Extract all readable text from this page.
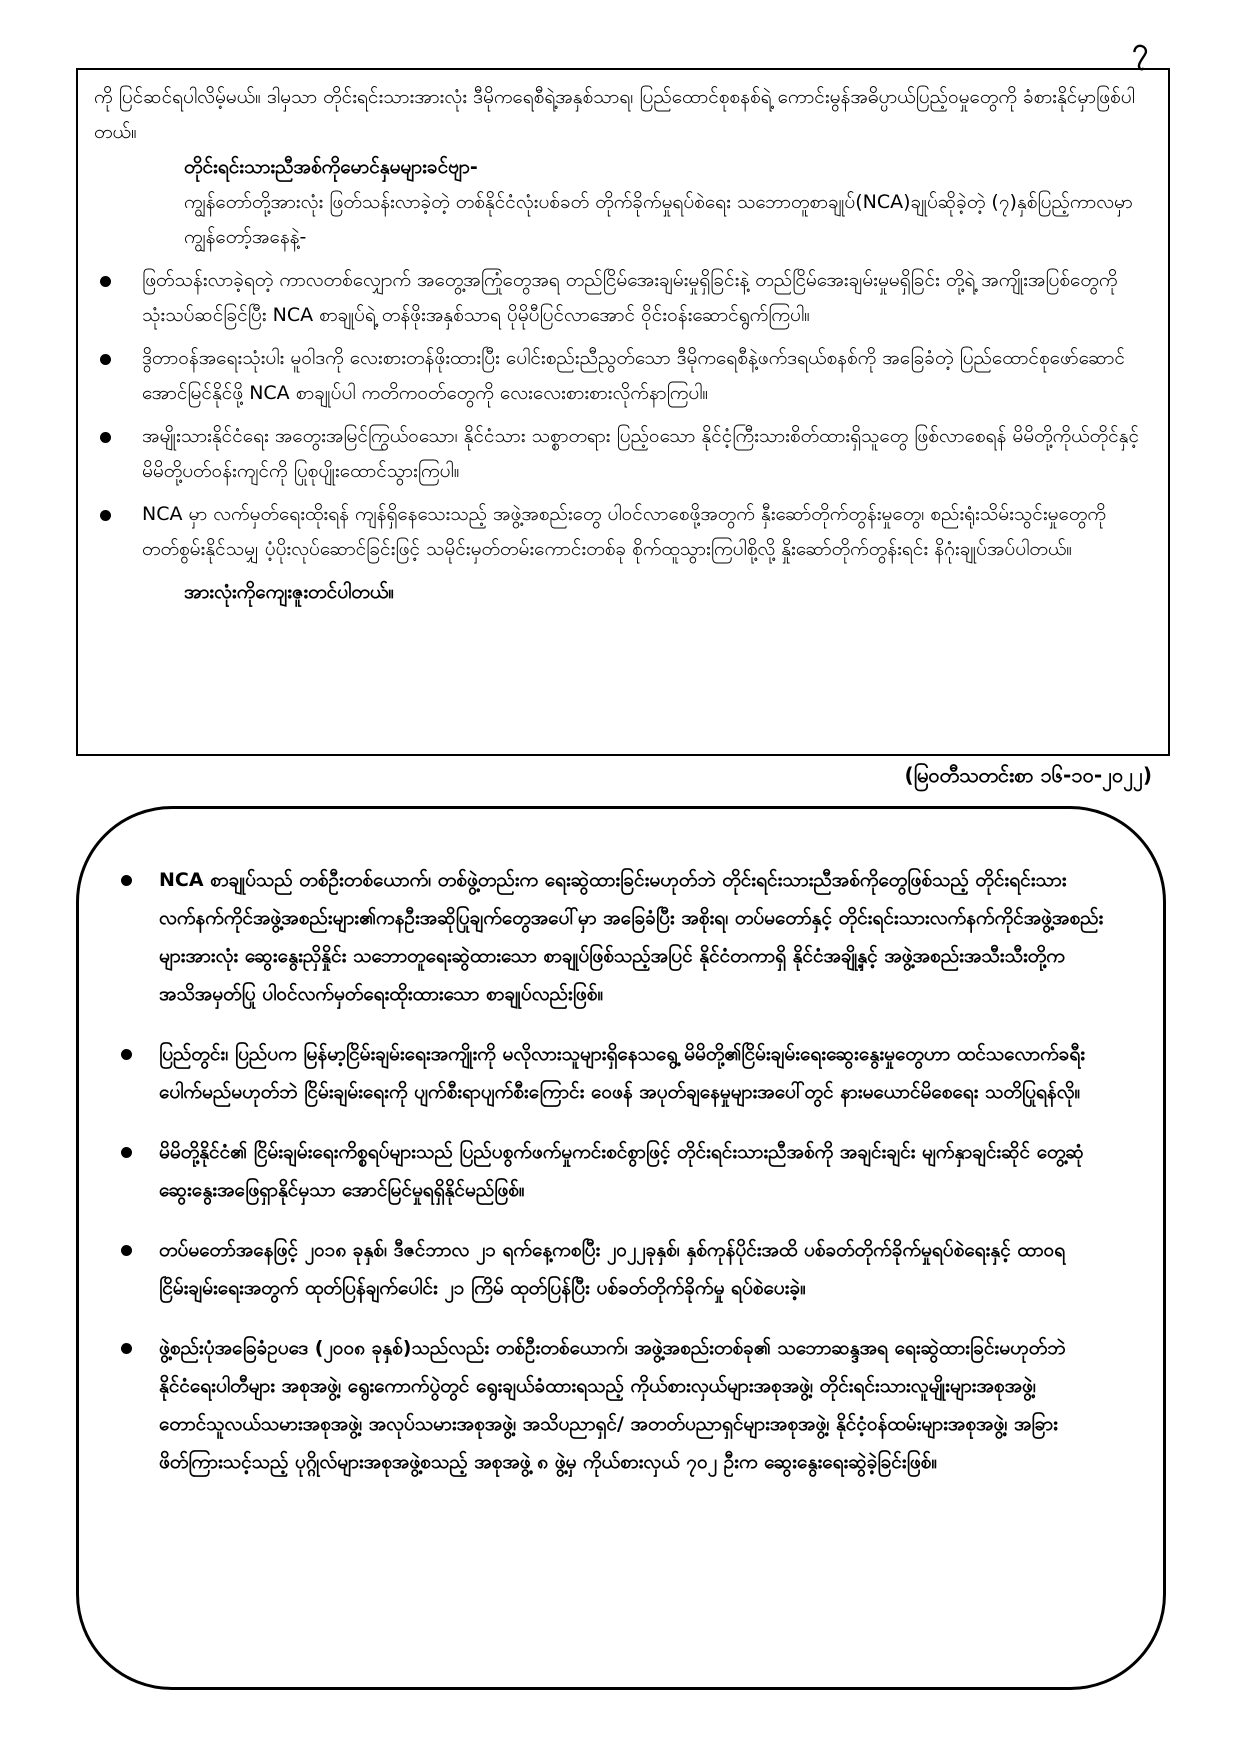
၇

ကို ပြင်ဆင်ရပါလိမ့်မယ်။ ဒါမှသာ တိုင်းရင်းသားအားလုံး ဒီမိုကရေစီရဲ့အနှစ်သာရ၊ ပြည်ထောင်စုစနစ်ရဲ့ ကောင်းမွန်အဓိပ္ပာယ်ပြည့်ဝမှုတွေကို ခံစားနိုင်မှာဖြစ်ပါတယ်။

တိုင်းရင်းသားညီအစ်ကိုမောင်နှမများခင်ဗျာ-

ကျွန်တော်တို့အားလုံး ဖြတ်သန်းလာခဲ့တဲ့ တစ်နိုင်ငံလုံးပစ်ခတ် တိုက်ခိုက်မှုရပ်စဲရေး သဘောတူစာချုပ်(NCA)ချုပ်ဆိုခဲ့တဲ့ (၇)နှစ်ပြည့်ကာလမှာ ကျွန်တော့်အနေနဲ့-

ဖြတ်သန်းလာခဲ့ရတဲ့ ကာလတစ်လျှောက် အတွေ့အကြုံတွေအရ တည်ငြိမ်အေးချမ်းမှုရှိခြင်းနဲ့ တည်ငြိမ်အေးချမ်းမှုမရှိခြင်း တို့ရဲ့ အကျိုးအပြစ်တွေကို သုံးသပ်ဆင်ခြင်ပြီး NCA စာချုပ်ရဲ့ တန်ဖိုးအနှစ်သာရ ပိုမိုပီပြင်လာအောင် ဝိုင်းဝန်းဆောင်ရွက်ကြပါ။
ဒွိတာဝန်အရေးသုံးပါး မူဝါဒကို လေးစားတန်ဖိုးထားပြီး ပေါင်းစည်းညီညွတ်သော ဒီမိုကရေစီနဲ့ဖက်ဒရယ်စနစ်ကို အခြေခံတဲ့ ပြည်ထောင်စုဖော်ဆောင် အောင်မြင်နိုင်ဖို့ NCA စာချုပ်ပါ ကတိကဝတ်တွေကို လေးလေးစားစားလိုက်နာကြပါ။
အမျိုးသားနိုင်ငံရေး အတွေးအမြင်ကြွယ်ဝသော၊ နိုင်ငံသား သစ္စာတရား ပြည့်ဝသော နိုင်ငံ့ကြီးသားစိတ်ထားရှိသူတွေ ဖြစ်လာစေရန် မိမိတို့ကိုယ်တိုင်နှင့် မိမိတို့ပတ်ဝန်းကျင်ကို ပြုစုပျိုးထောင်သွားကြပါ။
NCA မှာ လက်မှတ်ရေးထိုးရန် ကျန်ရှိနေသေးသည့် အဖွဲ့အစည်းတွေ ပါဝင်လာစေဖို့အတွက် နှီးဆော်တိုက်တွန်းမှုတွေ၊ စည်းရုံးသိမ်းသွင်းမှုတွေကို တတ်စွမ်းနိုင်သမျှ ပံ့ပိုးလုပ်ဆောင်ခြင်းဖြင့် သမိုင်းမှတ်တမ်းကောင်းတစ်ခု စိုက်ထူသွားကြပါစို့လို့ နှိုးဆော်တိုက်တွန်းရင်း နိဂုံးချုပ်အပ်ပါတယ်။

အားလုံးကိုကျေးဇူးတင်ပါတယ်။

(မြဝတီသတင်းစာ ၁၆-၁၀-၂၀၂၂)
NCA စာချုပ်သည် တစ်ဦးတစ်ယောက်၊ တစ်ဖွဲ့တည်းက ရေးဆွဲထားခြင်းမဟုတ်ဘဲ တိုင်းရင်းသားညီအစ်ကိုတွေဖြစ်သည့် တိုင်းရင်းသားလက်နက်ကိုင်အဖွဲ့အစည်းများ၏ကနဦးအဆိုပြုချက်တွေအပေါ်မှာ အခြေခံပြီး အစိုးရ၊ တပ်မတော်နှင့် တိုင်းရင်းသားလက်နက်ကိုင်အဖွဲ့အစည်းများအားလုံး ဆွေးနွေးညှိနှိုင်း သဘောတူရေးဆွဲထားသော စာချုပ်ဖြစ်သည့်အပြင် နိုင်ငံတကာရှိ နိုင်ငံအချို့နှင့် အဖွဲ့အစည်းအသီးသီးတို့က အသိအမှတ်ပြု ပါဝင်လက်မှတ်ရေးထိုးထားသော စာချုပ်လည်းဖြစ်။
ပြည်တွင်း၊ ပြည်ပက မြန်မာ့ငြိမ်းချမ်းရေးအကျိုးကို မလိုလားသူများရှိနေသရွေ့ မိမိတို့၏ငြိမ်းချမ်းရေးဆွေးနွေးမှုတွေဟာ ထင်သလောက်ခရီးပေါက်မည်မဟုတ်ဘဲ ငြိမ်းချမ်းရေးကို ပျက်စီးရာပျက်စီးကြောင်း ဝေဖန် အပုတ်ချနေမှုများအပေါ်တွင် နားမယောင်မိစေရေး သတိပြုရန်လို။
မိမိတို့နိုင်ငံ၏ ငြိမ်းချမ်းရေးကိစ္စရပ်များသည် ပြည်ပစွက်ဖက်မှုကင်းစင်စွာဖြင့် တိုင်းရင်းသားညီအစ်ကို အချင်းချင်း မျက်နှာချင်းဆိုင် တွေ့ဆုံဆွေးနွေးအဖြေရှာနိုင်မှသာ အောင်မြင်မှုရရှိနိုင်မည်ဖြစ်။
တပ်မတော်အနေဖြင့် ၂၀၁၈ ခုနှစ်၊ ဒီဇင်ဘာလ ၂၁ ရက်နေ့ကစပြီး ၂၀၂၂ခုနှစ်၊ နှစ်ကုန်ပိုင်းအထိ ပစ်ခတ်တိုက်ခိုက်မှုရပ်စဲရေးနှင့် ထာဝရငြိမ်းချမ်းရေးအတွက် ထုတ်ပြန်ချက်ပေါင်း ၂၁ ကြိမ် ထုတ်ပြန်ပြီး ပစ်ခတ်တိုက်ခိုက်မှု ရပ်စဲပေးခဲ့။
ဖွဲ့စည်းပုံအခြေခံဥပဒေ (၂၀၀၈ ခုနှစ်)သည်လည်း တစ်ဦးတစ်ယောက်၊ အဖွဲ့အစည်းတစ်ခု၏ သဘောဆန္ဒအရ ရေးဆွဲထားခြင်းမဟုတ်ဘဲ နိုင်ငံရေးပါတီများ အစုအဖွဲ့၊ ရွေးကောက်ပွဲတွင် ရွေးချယ်ခံထားရသည့် ကိုယ်စားလှယ်များအစုအဖွဲ့၊ တိုင်းရင်းသားလူမျိုးများအစုအဖွဲ့၊ တောင်သူလယ်သမားအစုအဖွဲ့၊ အလုပ်သမားအစုအဖွဲ့၊ အသိပညာရှင်/ အတတ်ပညာရှင်များအစုအဖွဲ့၊ နိုင်ငံ့ဝန်ထမ်းများအစုအဖွဲ့၊ အခြားဖိတ်ကြားသင့်သည့် ပုဂ္ဂိုလ်များအစုအဖွဲ့စသည့် အစုအဖွဲ့ ၈ ဖွဲ့မှ ကိုယ်စားလှယ် ၇၀၂ ဦးက ဆွေးနွေးရေးဆွဲခဲ့ခြင်းဖြစ်။
